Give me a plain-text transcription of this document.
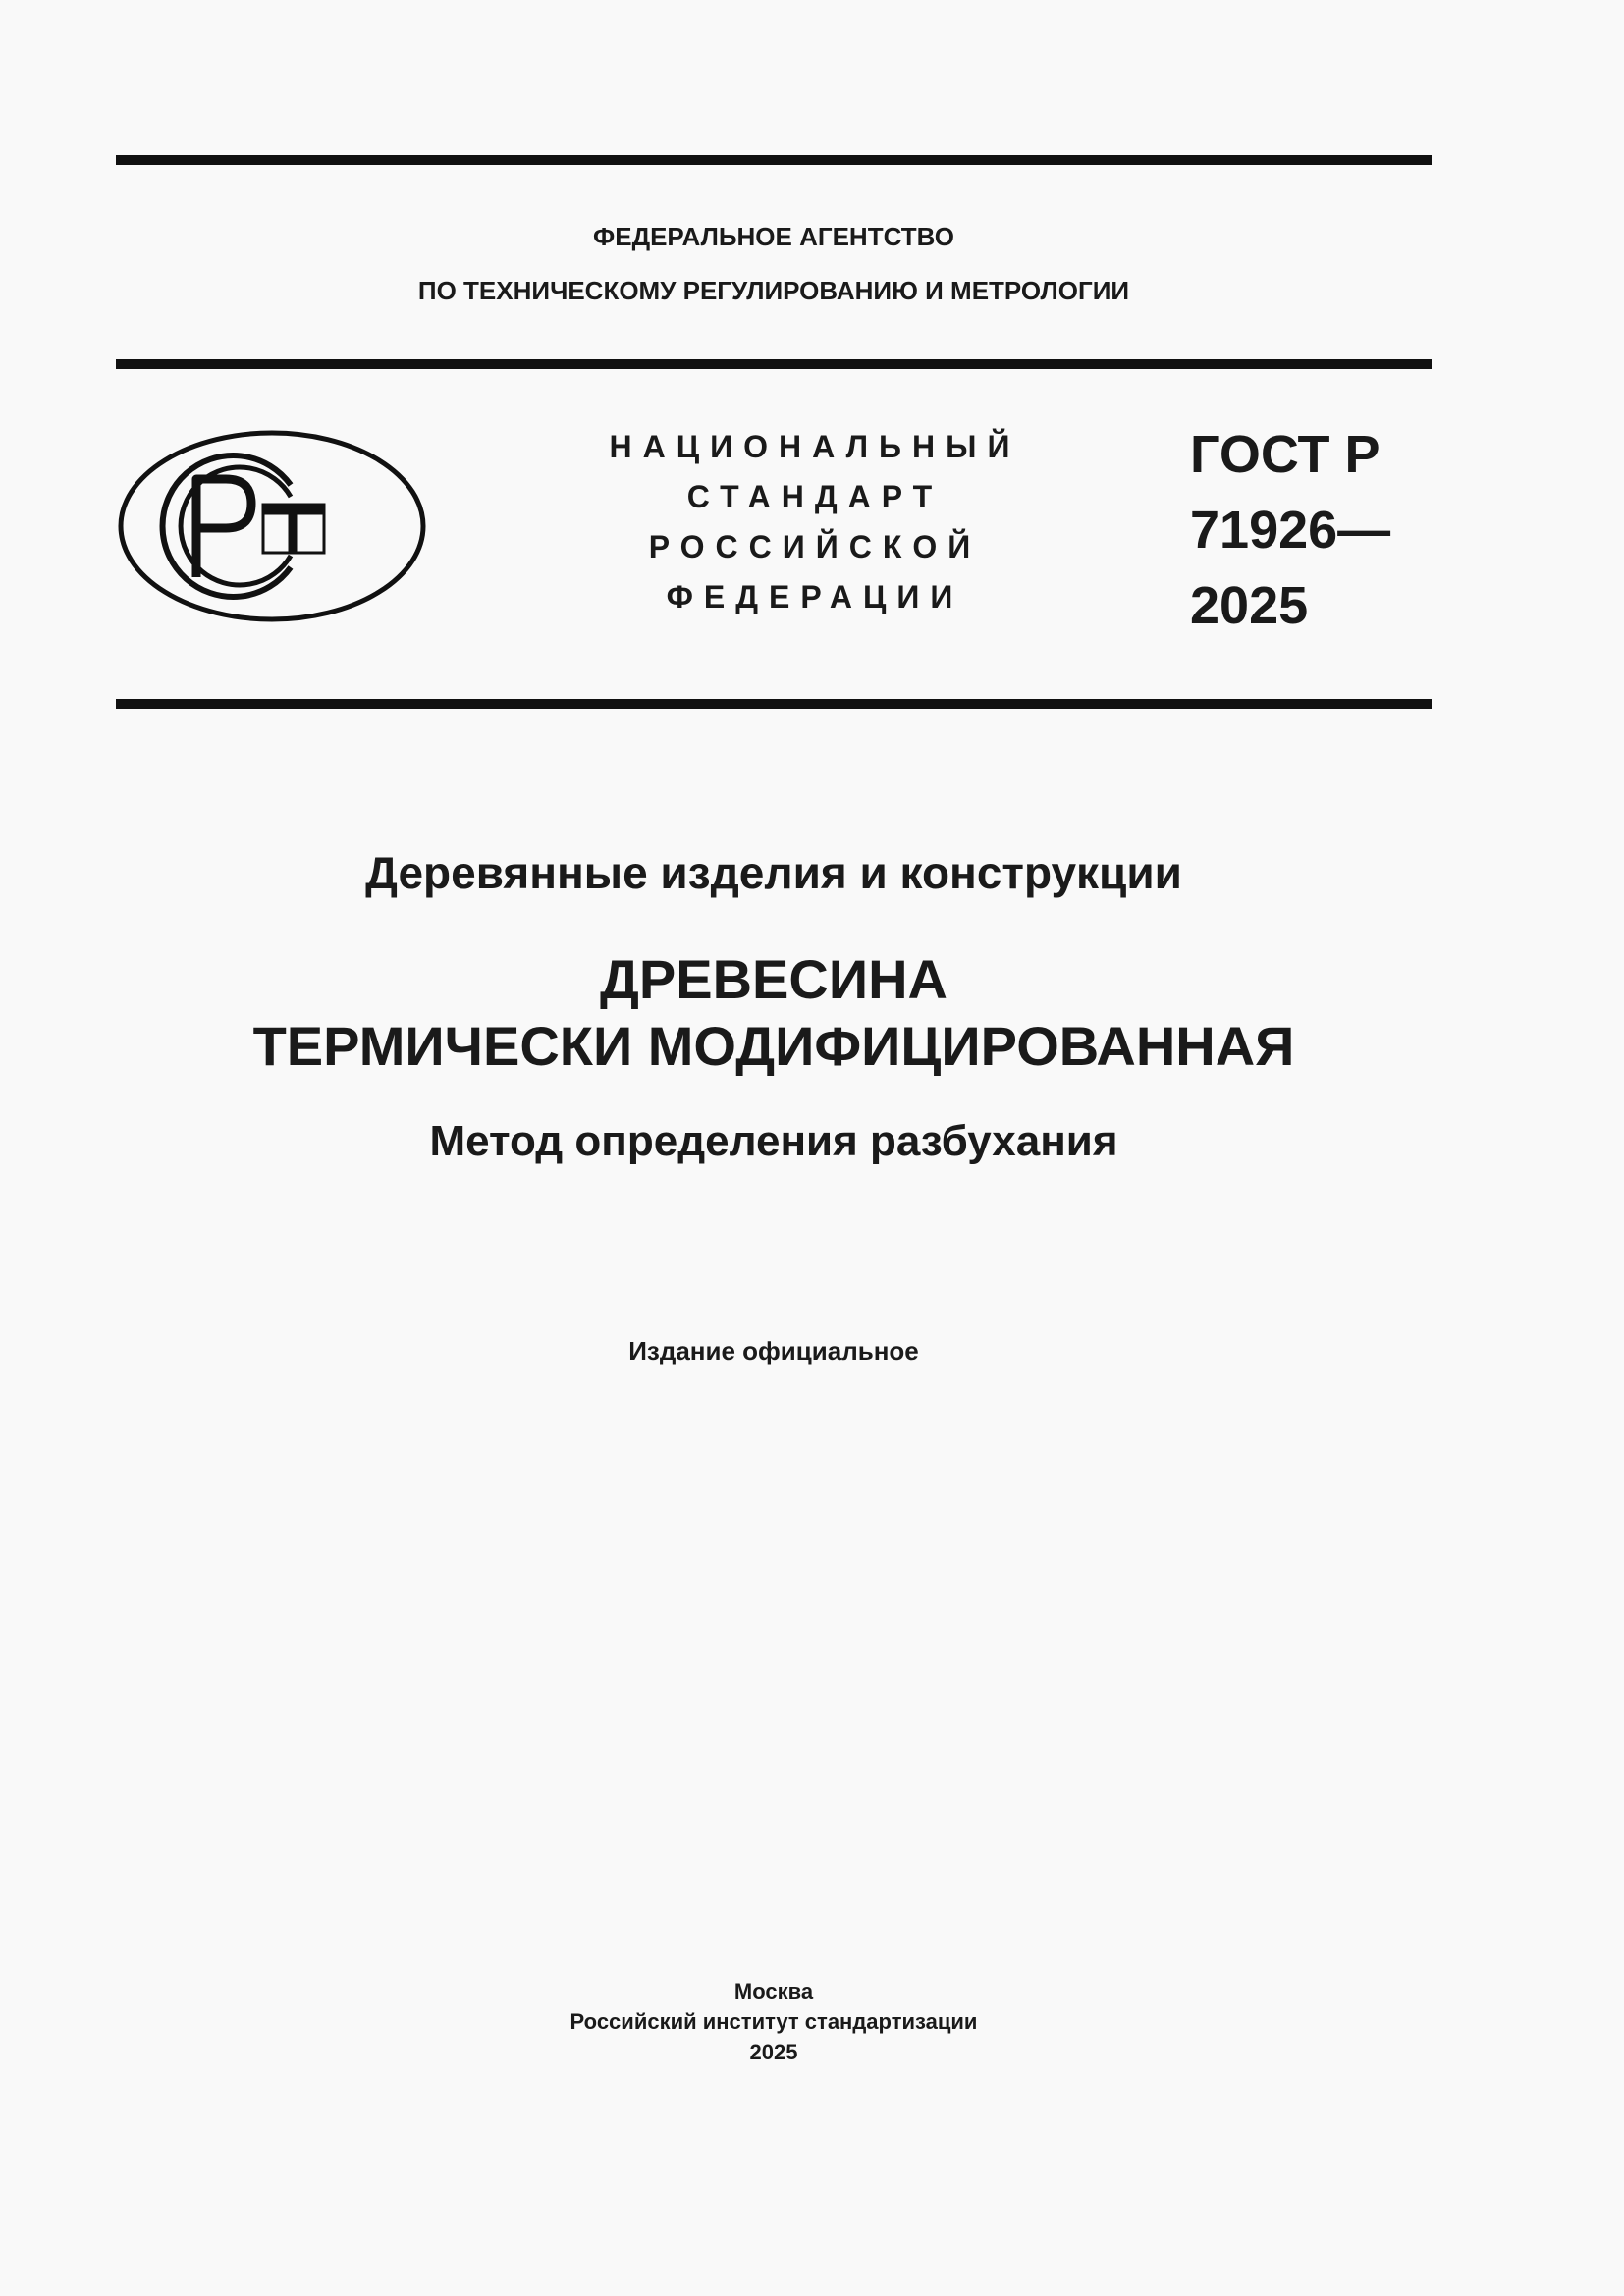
ФЕДЕРАЛЬНОЕ АГЕНТСТВО
ПО ТЕХНИЧЕСКОМУ РЕГУЛИРОВАНИЮ И МЕТРОЛОГИИ
НАЦИОНАЛЬНЫЙ
СТАНДАРТ
РОССИЙСКОЙ
ФЕДЕРАЦИИ
ГОСТ Р
71926—
2025
Деревянные изделия и конструкции
ДРЕВЕСИНА
ТЕРМИЧЕСКИ МОДИФИЦИРОВАННАЯ
Метод определения разбухания
Издание официальное
Москва
Российский институт стандартизации
2025
